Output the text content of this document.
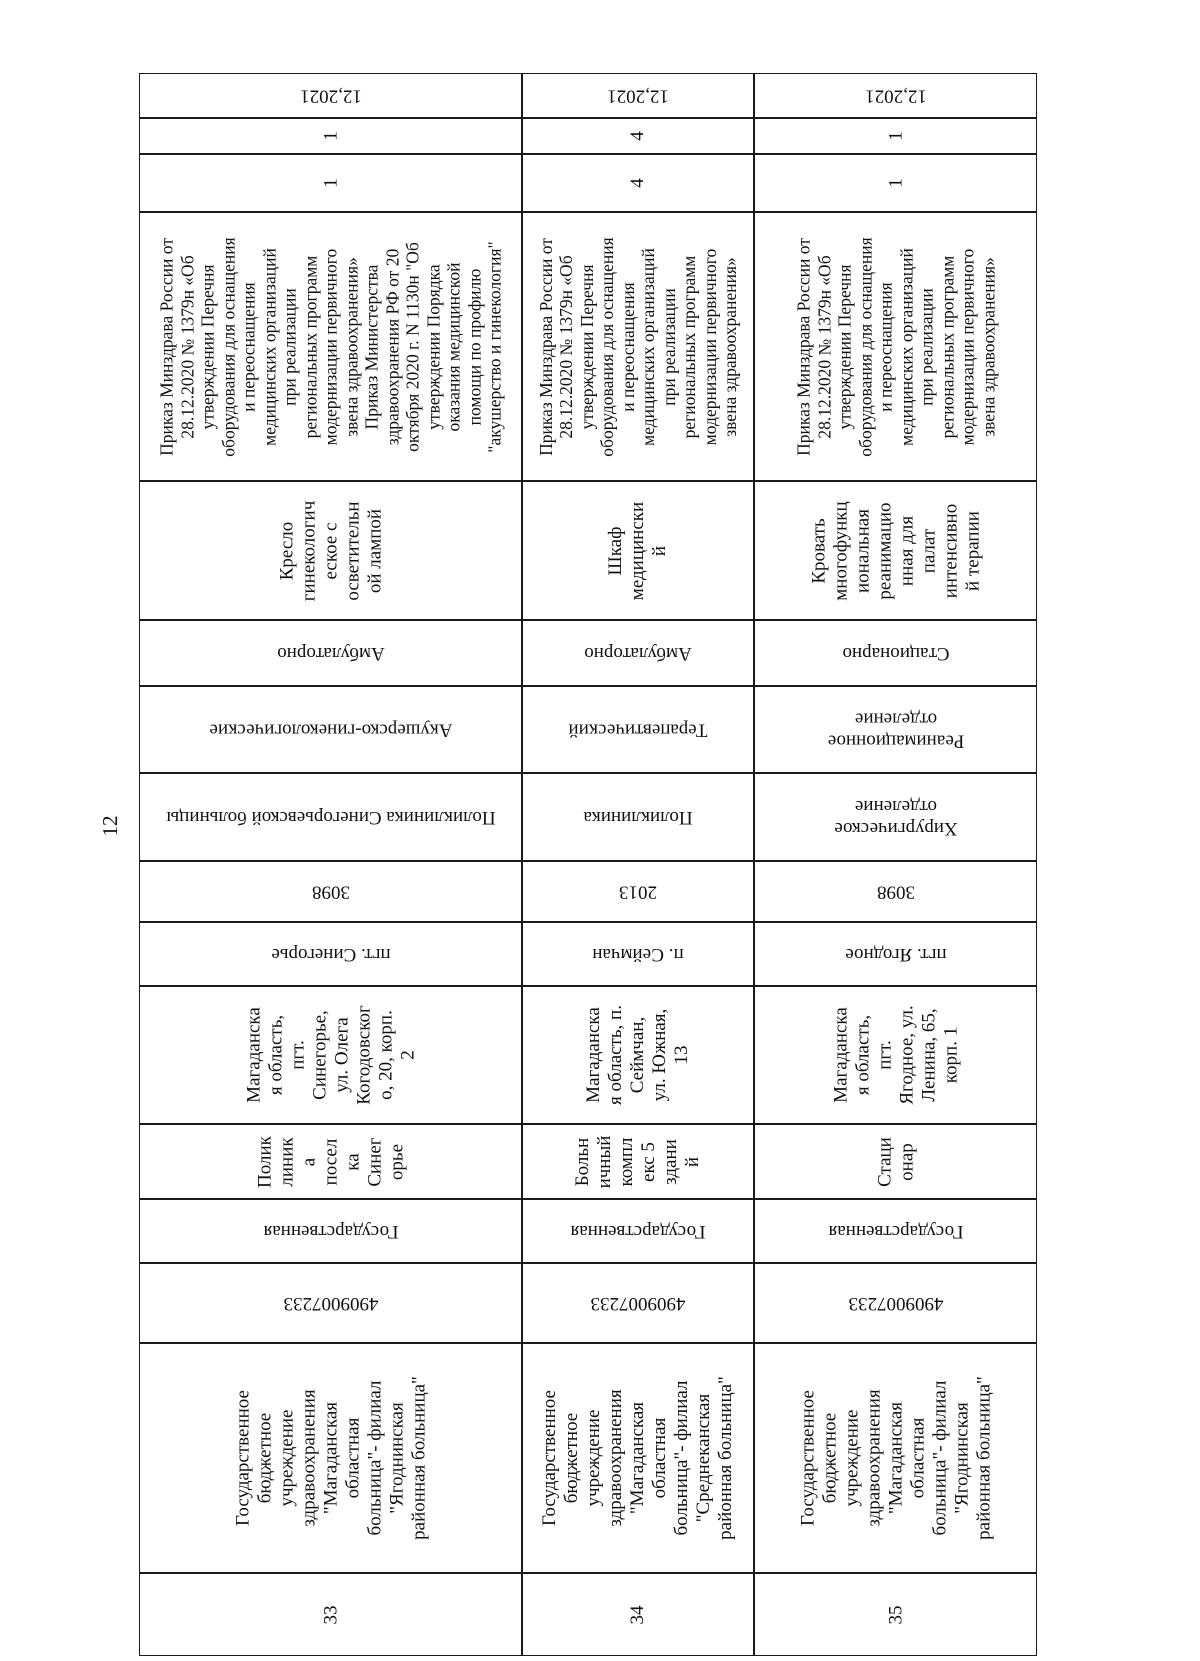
12
12,2021
1
1
Приказ Минздрава России от
28.12.2020 № 1379н «Об
утверждении Перечня
оборудования для оснащения
и переоснащения
медицинских организаций
при реализации
региональных программ
модернизации первичного
звена здравоохранения»
Приказ Министерства
здравоохранения РФ от 20
октября 2020 г. N 1130н "Об
утверждении Порядка
оказания медицинской
помощи по профилю
"акушерство и гинекология"
Кресло
гинекологич
еское с
осветительн
ой лампой
Амбулаторно
Акушерско-гинекологические
Поликлиника Синегорьевской больницы
3098
пгт. Синегорье
Магаданска
я область,
пгт.
Синегорье,
ул. Олега
Когодовског
о, 20, корп.
2
Полик
линик
а
посел
ка
Синег
орье
Государственная
4909007233
Государственное
бюджетное
учреждение
здравоохранения
"Магаданская
областная
больница"- филиал
"Ягоднинская
районная больница"
33
12,2021
4
4
Приказ Минздрава России от
28.12.2020 № 1379н «Об
утверждении Перечня
оборудования для оснащения
и переоснащения
медицинских организаций
при реализации
региональных программ
модернизации первичного
звена здравоохранения»
Шкаф
медицински
й
Амбулаторно
Терапевтический
Поликлиника
2013
п. Сеймчан
Магаданска
я область, п.
Сеймчан,
ул. Южная,
13
Больн
ичный
компл
екс 5
здани
й
Государственная
4909007233
Государственное
бюджетное
учреждение
здравоохранения
"Магаданская
областная
больница"- филиал
"Среднеканская
районная больница"
34
12,2021
1
1
Приказ Минздрава России от
28.12.2020 № 1379н «Об
утверждении Перечня
оборудования для оснащения
и переоснащения
медицинских организаций
при реализации
региональных программ
модернизации первичного
звена здравоохранения»
Кровать
многофункц
иональная
реанимацио
нная для
палат
интенсивно
й терапии
Стационарно
Реанимационное
отделение
Хирургическое
отделение
3098
пгт. Ягодное
Магаданска
я область,
пгт.
Ягодное, ул.
Ленина, 65,
корп. 1
Стаци
онар
Государственная
4909007233
Государственное
бюджетное
учреждение
здравоохранения
"Магаданская
областная
больница"- филиал
"Ягоднинская
районная больница"
35
